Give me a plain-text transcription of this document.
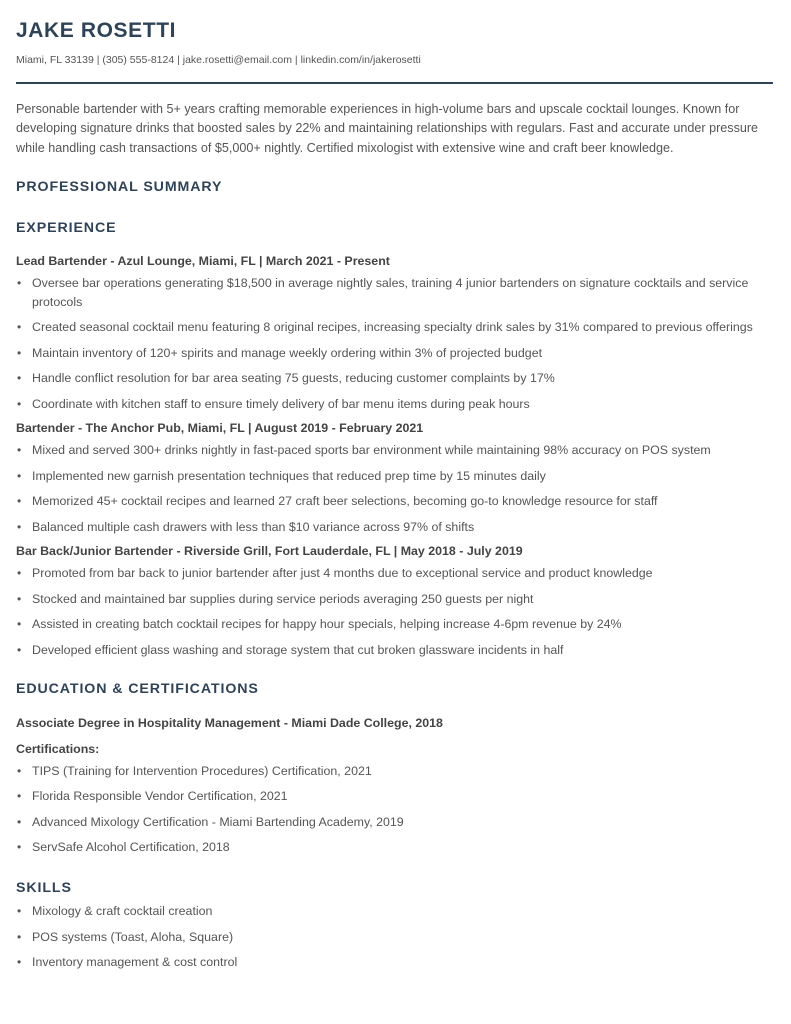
JAKE ROSETTI
Miami, FL 33139 | (305) 555-8124 | jake.rosetti@email.com | linkedin.com/in/jakerosetti
Personable bartender with 5+ years crafting memorable experiences in high-volume bars and upscale cocktail lounges. Known for developing signature drinks that boosted sales by 22% and maintaining relationships with regulars. Fast and accurate under pressure while handling cash transactions of $5,000+ nightly. Certified mixologist with extensive wine and craft beer knowledge.
PROFESSIONAL SUMMARY
EXPERIENCE
Lead Bartender - Azul Lounge, Miami, FL | March 2021 - Present
• Oversee bar operations generating $18,500 in average nightly sales, training 4 junior bartenders on signature cocktails and service protocols
• Created seasonal cocktail menu featuring 8 original recipes, increasing specialty drink sales by 31% compared to previous offerings
• Maintain inventory of 120+ spirits and manage weekly ordering within 3% of projected budget
• Handle conflict resolution for bar area seating 75 guests, reducing customer complaints by 17%
• Coordinate with kitchen staff to ensure timely delivery of bar menu items during peak hours
Bartender - The Anchor Pub, Miami, FL | August 2019 - February 2021
• Mixed and served 300+ drinks nightly in fast-paced sports bar environment while maintaining 98% accuracy on POS system
• Implemented new garnish presentation techniques that reduced prep time by 15 minutes daily
• Memorized 45+ cocktail recipes and learned 27 craft beer selections, becoming go-to knowledge resource for staff
• Balanced multiple cash drawers with less than $10 variance across 97% of shifts
Bar Back/Junior Bartender - Riverside Grill, Fort Lauderdale, FL | May 2018 - July 2019
• Promoted from bar back to junior bartender after just 4 months due to exceptional service and product knowledge
• Stocked and maintained bar supplies during service periods averaging 250 guests per night
• Assisted in creating batch cocktail recipes for happy hour specials, helping increase 4-6pm revenue by 24%
• Developed efficient glass washing and storage system that cut broken glassware incidents in half
EDUCATION & CERTIFICATIONS
Associate Degree in Hospitality Management - Miami Dade College, 2018
Certifications:
• TIPS (Training for Intervention Procedures) Certification, 2021
• Florida Responsible Vendor Certification, 2021
• Advanced Mixology Certification - Miami Bartending Academy, 2019
• ServSafe Alcohol Certification, 2018
SKILLS
• Mixology & craft cocktail creation
• POS systems (Toast, Aloha, Square)
• Inventory management & cost control
